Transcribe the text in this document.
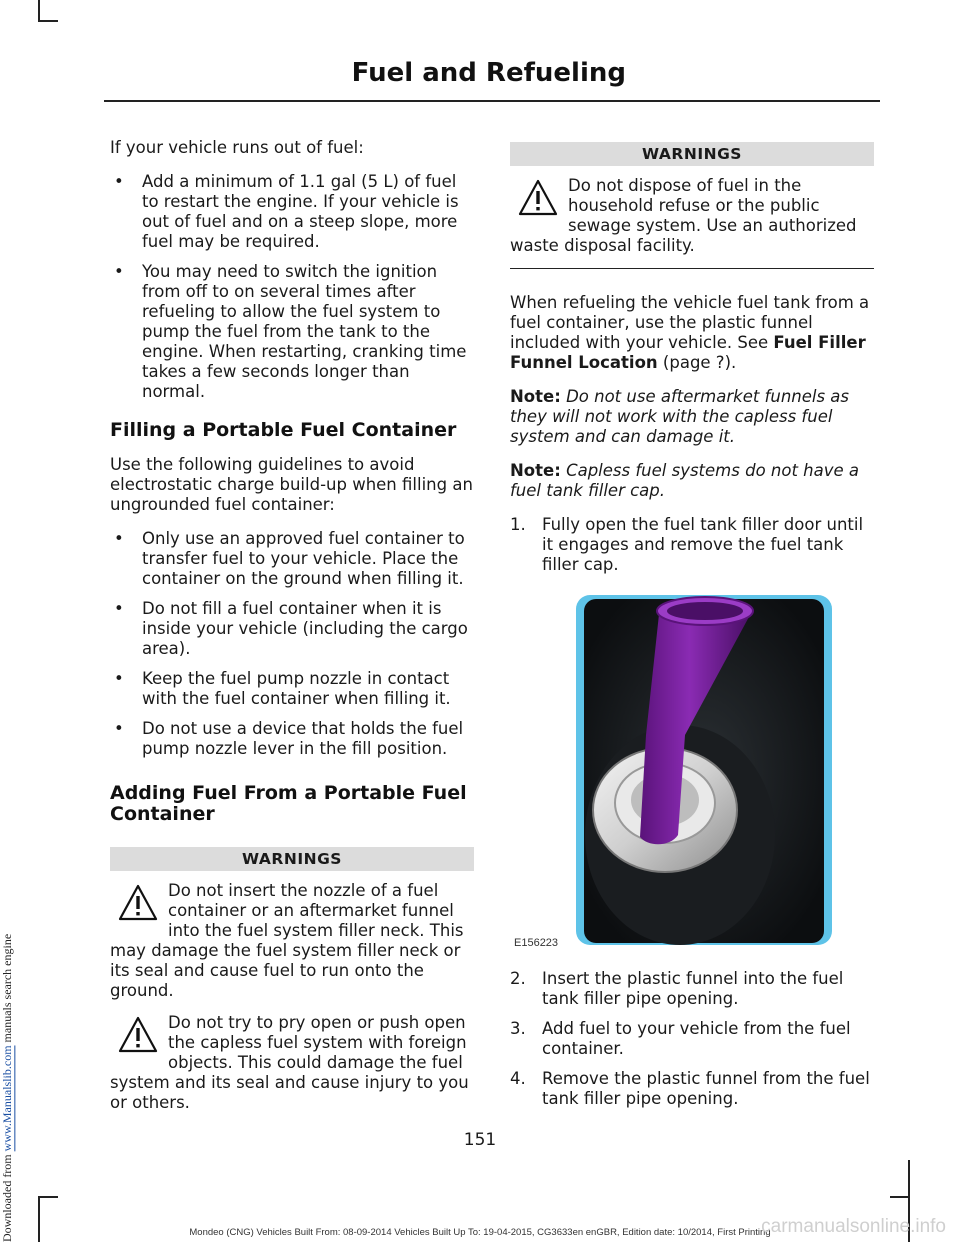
Downloaded from www.Manualslib.com manuals search engine
Fuel and Refueling

If your vehicle runs out of fuel:

• Add a minimum of 1.1 gal (5 L) of fuel to restart the engine. If your vehicle is out of fuel and on a steep slope, more fuel may be required.
• You may need to switch the ignition from off to on several times after refueling to allow the fuel system to pump the fuel from the tank to the engine. When restarting, cranking time takes a few seconds longer than normal.
Filling a Portable Fuel Container

Use the following guidelines to avoid electrostatic charge build-up when filling an ungrounded fuel container:

• Only use an approved fuel container to transfer fuel to your vehicle. Place the container on the ground when filling it.
• Do not fill a fuel container when it is inside your vehicle (including the cargo area).
• Keep the fuel pump nozzle in contact with the fuel container when filling it.
• Do not use a device that holds the fuel pump nozzle lever in the fill position.
Adding Fuel From a Portable Fuel Container
WARNINGS
Do not insert the nozzle of a fuel container or an aftermarket funnel into the fuel system filler neck. This may damage the fuel system filler neck or its seal and cause fuel to run onto the ground.
Do not try to pry open or push open the capless fuel system with foreign objects. This could damage the fuel system and its seal and cause injury to you or others.
WARNINGS
Do not dispose of fuel in the household refuse or the public sewage system. Use an authorized waste disposal facility.

When refueling the vehicle fuel tank from a fuel container, use the plastic funnel included with your vehicle. See Fuel Filler Funnel Location (page ?).

Note: Do not use aftermarket funnels as they will not work with the capless fuel system and can damage it.

Note: Capless fuel systems do not have a fuel tank filler cap.

1. Fully open the fuel tank filler door until it engages and remove the fuel tank filler cap.
E156223
2. Insert the plastic funnel into the fuel tank filler pipe opening.
3. Add fuel to your vehicle from the fuel container.
4. Remove the plastic funnel from the fuel tank filler pipe opening.
151
Mondeo (CNG) Vehicles Built From: 08-09-2014 Vehicles Built Up To: 19-04-2015, CG3633en enGBR, Edition date: 10/2014, First Printing
carmanualsonline.info
